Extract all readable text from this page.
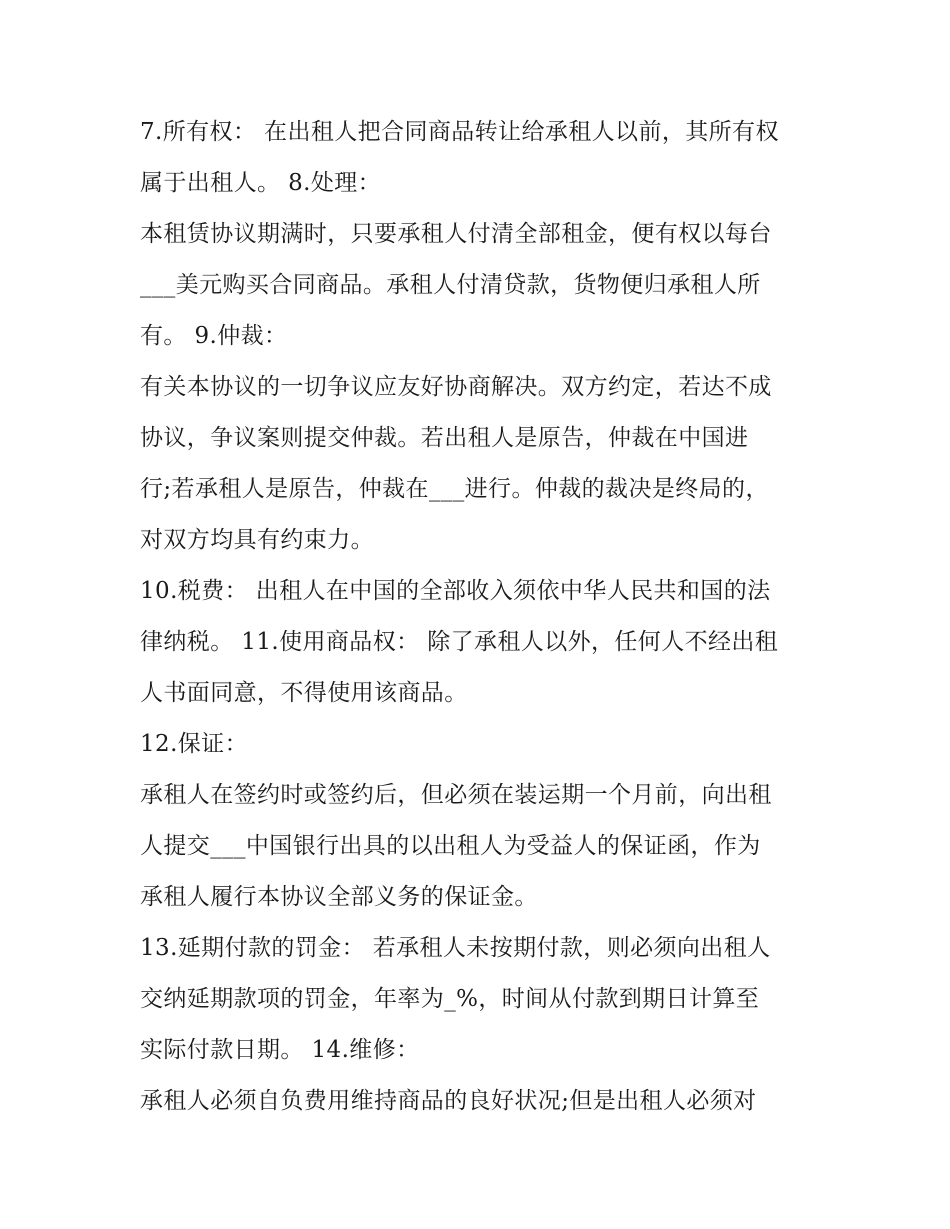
7.所有权： 在出租人把合同商品转让给承租人以前，其所有权
属于出租人。 8.处理：
本租赁协议期满时，只要承租人付清全部租金，便有权以每台
___美元购买合同商品。承租人付清贷款，货物便归承租人所
有。 9.仲裁：
有关本协议的一切争议应友好协商解决。双方约定，若达不成
协议，争议案则提交仲裁。若出租人是原告，仲裁在中国进
行;若承租人是原告，仲裁在___进行。仲裁的裁决是终局的，
对双方均具有约束力。
10.税费： 出租人在中国的全部收入须依中华人民共和国的法
律纳税。 11.使用商品权： 除了承租人以外，任何人不经出租
人书面同意，不得使用该商品。
12.保证：
承租人在签约时或签约后，但必须在装运期一个月前，向出租
人提交___中国银行出具的以出租人为受益人的保证函，作为
承租人履行本协议全部义务的保证金。
13.延期付款的罚金： 若承租人未按期付款，则必须向出租人
交纳延期款项的罚金，年率为_%，时间从付款到期日计算至
实际付款日期。 14.维修：
承租人必须自负费用维持商品的良好状况;但是出租人必须对
